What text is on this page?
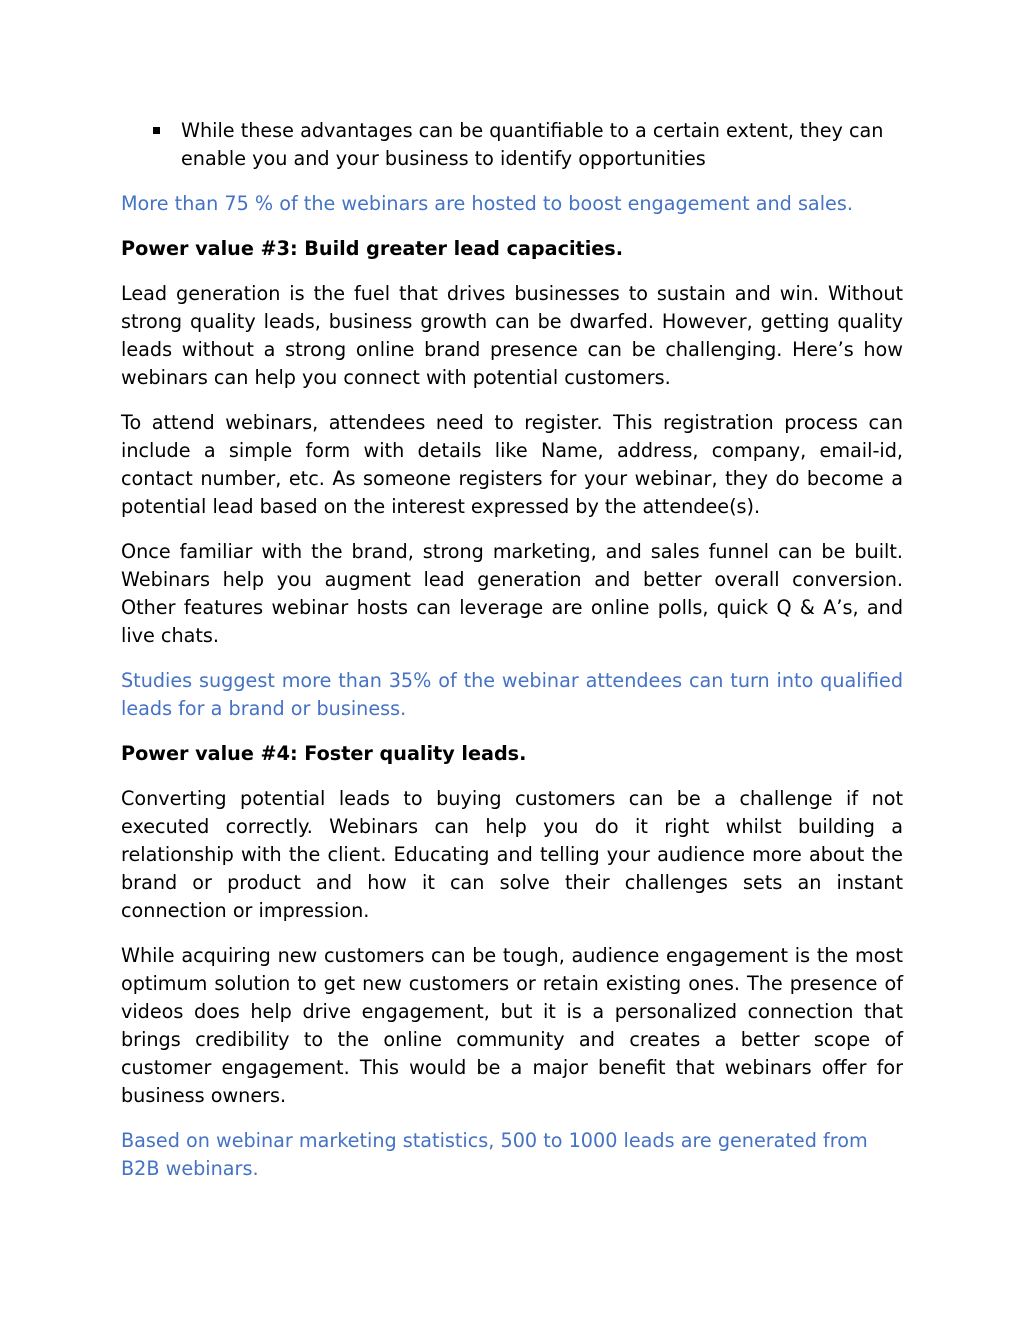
While these advantages can be quantifiable to a certain extent, they can enable you and your business to identify opportunities

More than 75 % of the webinars are hosted to boost engagement and sales.

Power value #3: Build greater lead capacities.

Lead generation is the fuel that drives businesses to sustain and win. Without strong quality leads, business growth can be dwarfed. However, getting quality leads without a strong online brand presence can be challenging. Here’s how webinars can help you connect with potential customers.

To attend webinars, attendees need to register. This registration process can include a simple form with details like Name, address, company, email-id, contact number, etc. As someone registers for your webinar, they do become a potential lead based on the interest expressed by the attendee(s).

Once familiar with the brand, strong marketing, and sales funnel can be built. Webinars help you augment lead generation and better overall conversion. Other features webinar hosts can leverage are online polls, quick Q & A’s, and live chats.

Studies suggest more than 35% of the webinar attendees can turn into qualified leads for a brand or business.

Power value #4: Foster quality leads.

Converting potential leads to buying customers can be a challenge if not executed correctly. Webinars can help you do it right whilst building a relationship with the client. Educating and telling your audience more about the brand or product and how it can solve their challenges sets an instant connection or impression.

While acquiring new customers can be tough, audience engagement is the most optimum solution to get new customers or retain existing ones. The presence of videos does help drive engagement, but it is a personalized connection that brings credibility to the online community and creates a better scope of customer engagement. This would be a major benefit that webinars offer for business owners.

Based on webinar marketing statistics, 500 to 1000 leads are generated from B2B webinars.
